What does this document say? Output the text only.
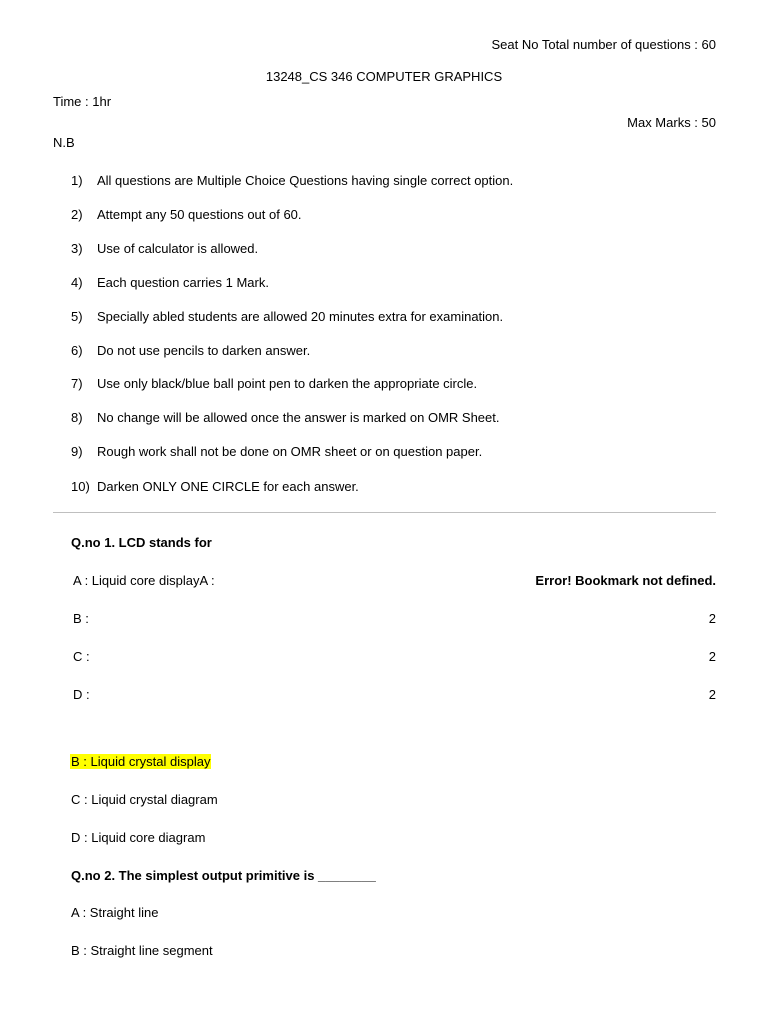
Seat No Total number of questions : 60
13248_CS 346 COMPUTER GRAPHICS
Time : 1hr
Max Marks : 50
N.B
1) All questions are Multiple Choice Questions having single correct option.
2) Attempt any 50 questions out of 60.
3) Use of calculator is allowed.
4) Each question carries 1 Mark.
5) Specially abled students are allowed 20 minutes extra for examination.
6) Do not use pencils to darken answer.
7) Use only black/blue ball point pen to darken the appropriate circle.
8) No change will be allowed once the answer is marked on OMR Sheet.
9) Rough work shall not be done on OMR sheet or on question paper.
10) Darken ONLY ONE CIRCLE for each answer.
Q.no 1. LCD stands for
A : Liquid core displayA :	Error! Bookmark not defined.
B :	2
C :	2
D :	2
B : Liquid crystal display
C : Liquid crystal diagram
D : Liquid core diagram
Q.no 2. The simplest output primitive is ________
A : Straight line
B : Straight line segment
